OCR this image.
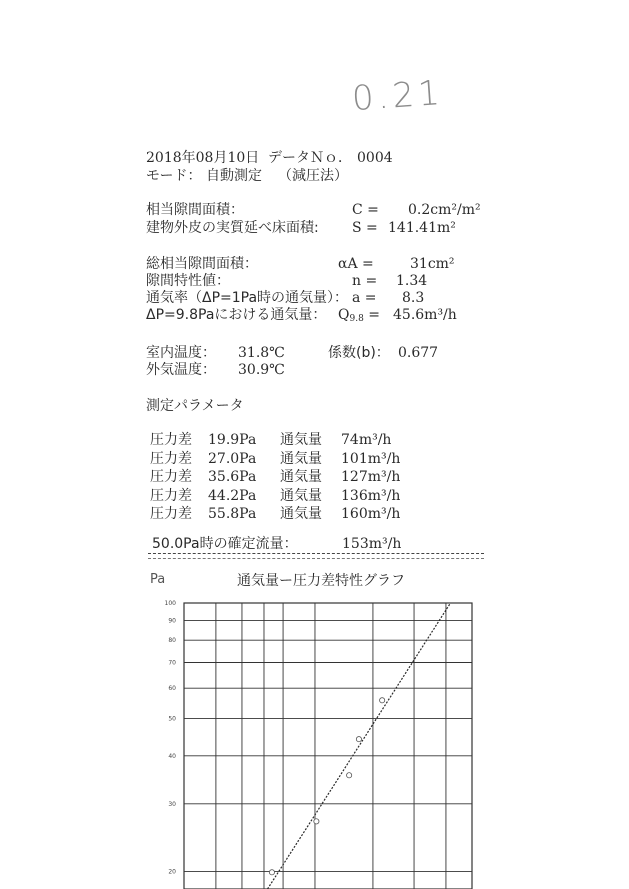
0.21
2018年08月10日 データＮｏ． 0004
モード： 自動測定 （減圧法）
相当隙間面積：	C = 0.2cm²/m²
建物外皮の実質延べ床面積: S = 141.41m²
総相当隙間面積：	αA =	31cm²
隙間特性値：	n = 1.34
通気率（ΔP=1Pa時の通気量）： a = 8.3
ΔP=9.8Paにおける通気量： $Q_{9.8} = 45.6m^3/h$
室内温度： 31.8℃	係数(b)： 0.677
外気温度： 30.9℃
測定パラメータ
圧力差 19.9Pa 通気量 74m³/h
圧力差 27.0Pa 通気量 101m³/h
圧力差 35.6Pa 通気量 127m³/h
圧力差 44.2Pa 通気量 136m³/h
圧力差 55.8Pa 通気量 160m³/h
50.0Pa時の確定流量：	153m³/h
Pa	通気量ー圧力差特性グラフ
20
30
40
50
60
70
80
90
100
